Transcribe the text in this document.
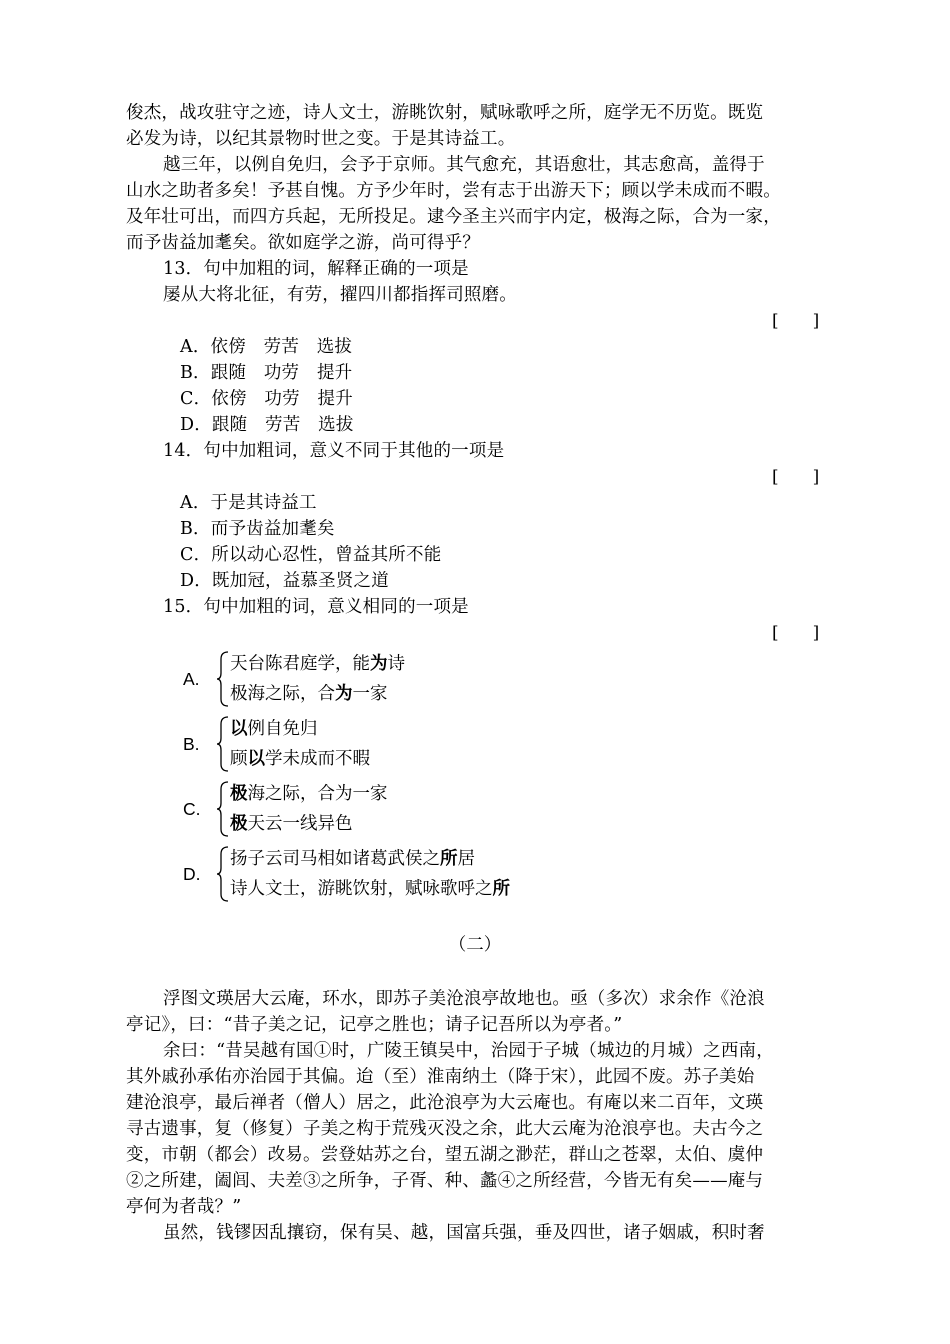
俊杰，战攻驻守之迹，诗人文士，游眺饮射，赋咏歌呼之所，庭学无不历览。既览
必发为诗，以纪其景物时世之变。于是其诗益工。
越三年，以例自免归，会予于京师。其气愈充，其语愈壮，其志愈高，盖得于
山水之助者多矣！予甚自愧。方予少年时，尝有志于出游天下；顾以学未成而不暇。
及年壮可出，而四方兵起，无所投足。逮今圣主兴而宇内定，极海之际，合为一家，
而予齿益加耄矣。欲如庭学之游，尚可得乎？
13．句中加粗的词，解释正确的一项是
屡从大将北征，有劳，擢四川都指挥司照磨。
[　　]
A．依傍　劳苦　选拔
B．跟随　功劳　提升
C．依傍　功劳　提升
D．跟随　劳苦　选拔
14．句中加粗词，意义不同于其他的一项是
[　　]
A．于是其诗益工
B．而予齿益加耄矣
C．所以动心忍性，曾益其所不能
D．既加冠，益慕圣贤之道
15．句中加粗的词，意义相同的一项是
[　　]
A.
天台陈君庭学，能为诗
极海之际，合为一家
B.
以例自免归
顾以学未成而不暇
C.
极海之际，合为一家
极天云一线异色
D.
扬子云司马相如诸葛武侯之所居
诗人文士，游眺饮射，赋咏歌呼之所
（二）
浮图文瑛居大云庵，环水，即苏子美沧浪亭故地也。亟（多次）求余作《沧浪
亭记》，曰：“昔子美之记，记亭之胜也；请子记吾所以为亭者。”
余曰：“昔吴越有国①时，广陵王镇吴中，治园于子城（城边的月城）之西南，
其外戚孙承佑亦治园于其偏。迨（至）淮南纳土（降于宋），此园不废。苏子美始
建沧浪亭，最后禅者（僧人）居之，此沧浪亭为大云庵也。有庵以来二百年，文瑛
寻古遗事，复（修复）子美之构于荒残灭没之余，此大云庵为沧浪亭也。夫古今之
变，市朝（都会）改易。尝登姑苏之台，望五湖之渺茫，群山之苍翠，太伯、虞仲
②之所建，阖闾、夫差③之所争，子胥、种、蠡④之所经营，今皆无有矣——庵与
亭何为者哉？”
虽然，钱镠因乱攘窃，保有吴、越，国富兵强，垂及四世，诸子姻戚，积时奢
